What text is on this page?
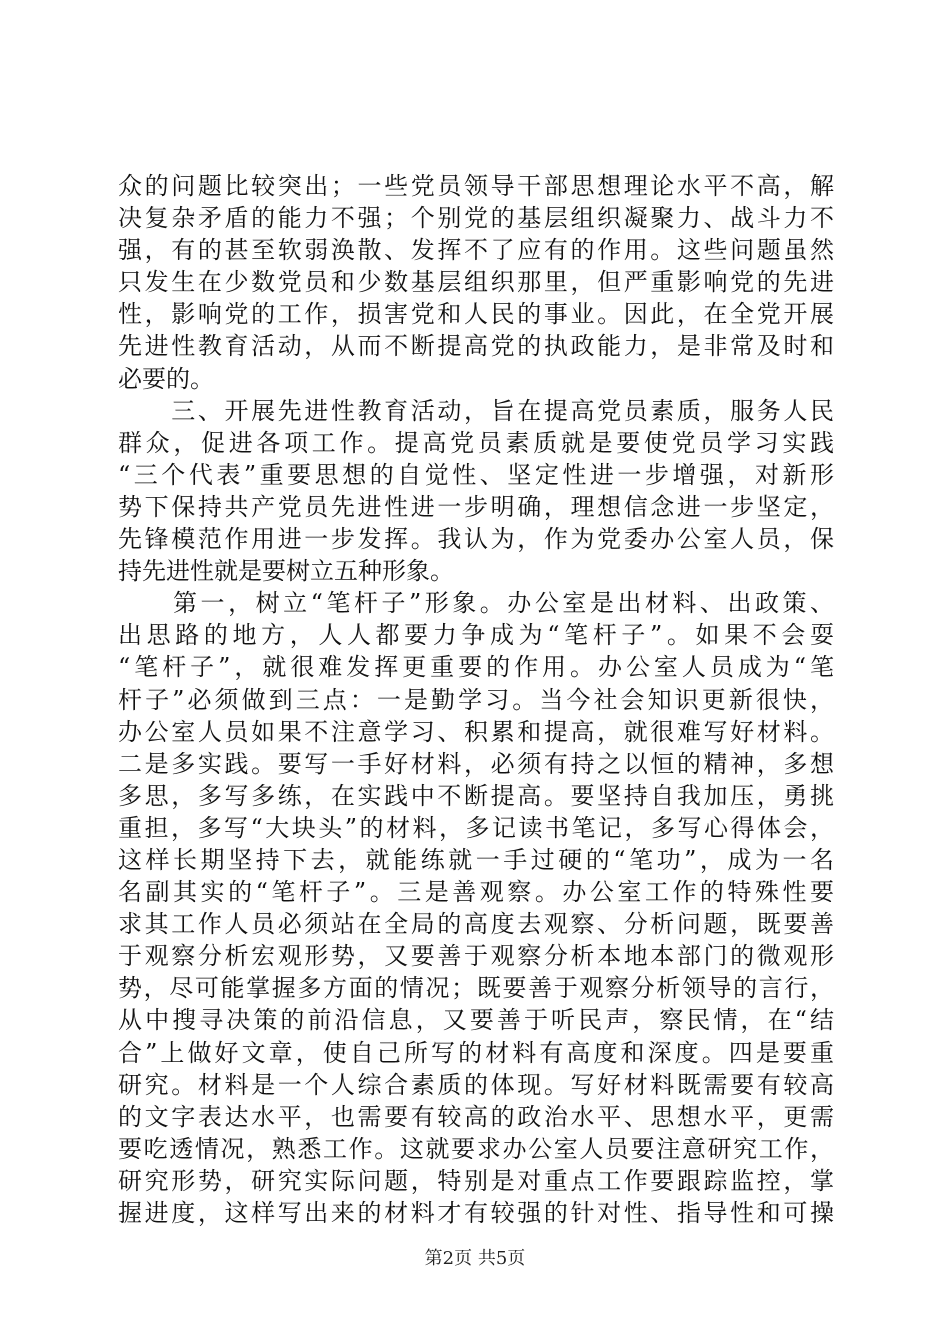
众的问题比较突出；一些党员领导干部思想理论水平不高，解
决复杂矛盾的能力不强；个别党的基层组织凝聚力、战斗力不
强，有的甚至软弱涣散、发挥不了应有的作用。这些问题虽然
只发生在少数党员和少数基层组织那里，但严重影响党的先进
性，影响党的工作，损害党和人民的事业。因此，在全党开展
先进性教育活动，从而不断提高党的执政能力，是非常及时和
必要的。
　　三、开展先进性教育活动，旨在提高党员素质，服务人民
群众，促进各项工作。提高党员素质就是要使党员学习实践
“三个代表”重要思想的自觉性、坚定性进一步增强，对新形
势下保持共产党员先进性进一步明确，理想信念进一步坚定，
先锋模范作用进一步发挥。我认为，作为党委办公室人员，保
持先进性就是要树立五种形象。
　　第一，树立“笔杆子”形象。办公室是出材料、出政策、
出思路的地方，人人都要力争成为“笔杆子”。如果不会耍
“笔杆子”，就很难发挥更重要的作用。办公室人员成为“笔
杆子”必须做到三点：一是勤学习。当今社会知识更新很快，
办公室人员如果不注意学习、积累和提高，就很难写好材料。
二是多实践。要写一手好材料，必须有持之以恒的精神，多想
多思，多写多练，在实践中不断提高。要坚持自我加压，勇挑
重担，多写“大块头”的材料，多记读书笔记，多写心得体会，
这样长期坚持下去，就能练就一手过硬的“笔功”，成为一名
名副其实的“笔杆子”。三是善观察。办公室工作的特殊性要
求其工作人员必须站在全局的高度去观察、分析问题，既要善
于观察分析宏观形势，又要善于观察分析本地本部门的微观形
势，尽可能掌握多方面的情况；既要善于观察分析领导的言行，
从中搜寻决策的前沿信息，又要善于听民声，察民情，在“结
合”上做好文章，使自己所写的材料有高度和深度。四是要重
研究。材料是一个人综合素质的体现。写好材料既需要有较高
的文字表达水平，也需要有较高的政治水平、思想水平，更需
要吃透情况，熟悉工作。这就要求办公室人员要注意研究工作，
研究形势，研究实际问题，特别是对重点工作要跟踪监控，掌
握进度，这样写出来的材料才有较强的针对性、指导性和可操
第2页 共5页
